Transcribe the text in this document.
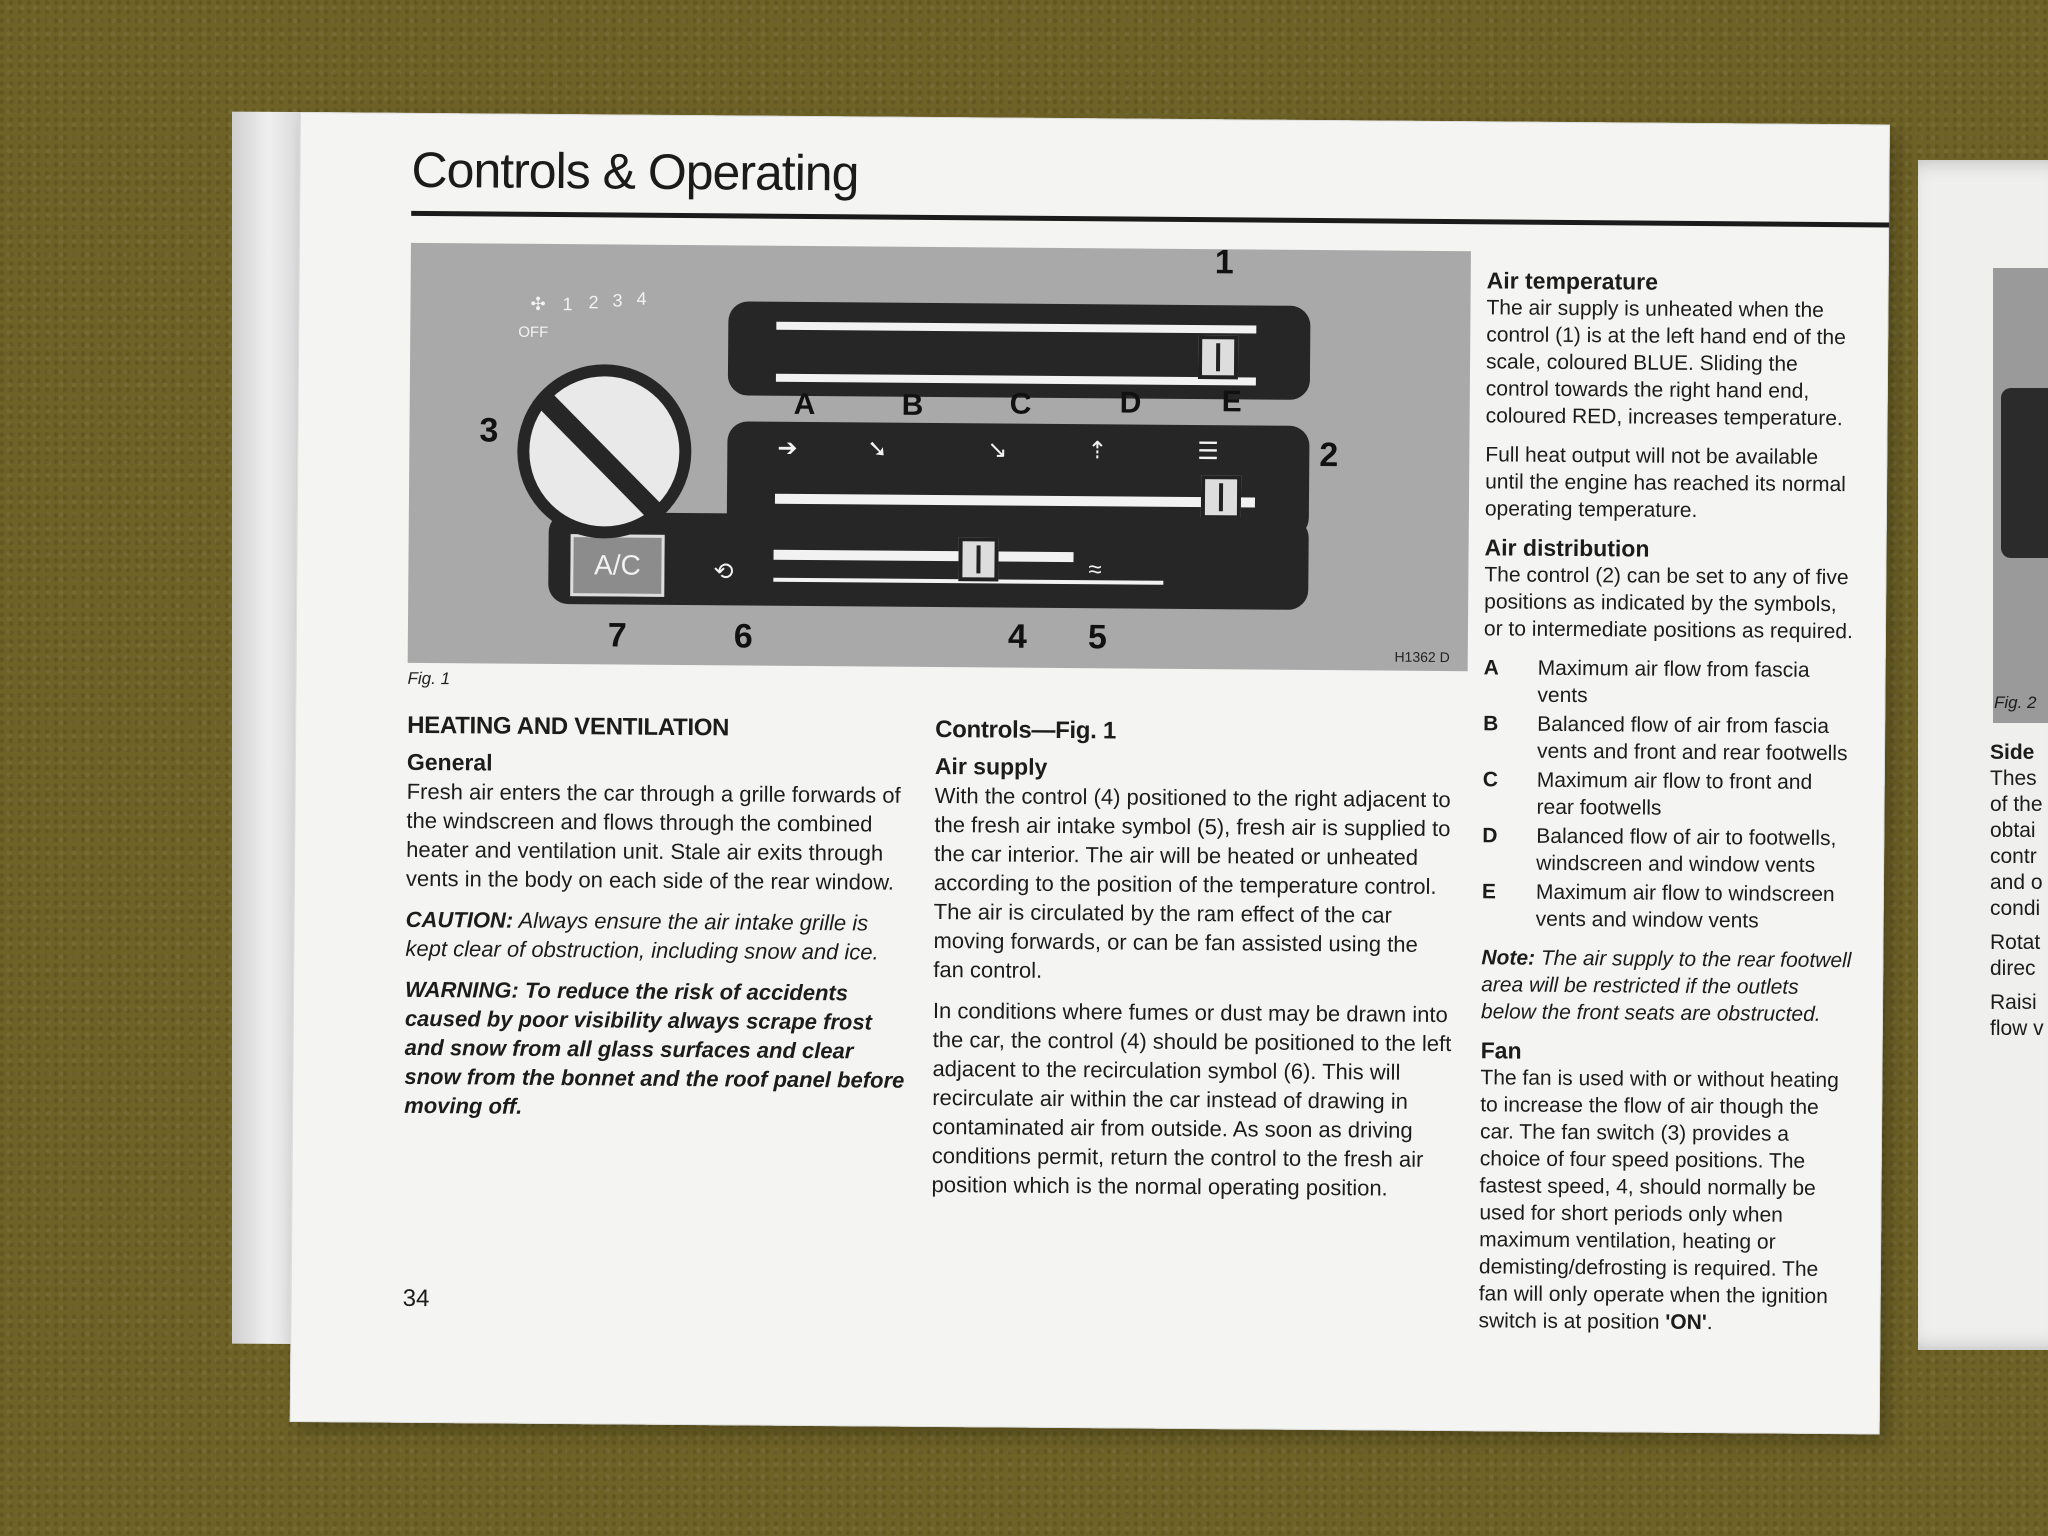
Fig. 2
Side
Thes
of the
obtai
contr
and o
condi
Rotat
direc
Raisi
flow v
Controls & Operating
➔	➘	↘	⇡	☰
⟲	≈
A/C
OFF
✣ 1 2 3 4
A	B	C	D	E
1
2
3
4 5
6
7
H1362 D
Fig. 1
HEATING AND VENTILATION
General

Fresh air enters the car through a grille forwards of the windscreen and flows through the combined heater and ventilation unit. Stale air exits through vents in the body on each side of the rear window.

CAUTION: Always ensure the air intake grille is kept clear of obstruction, including snow and ice.

WARNING: To reduce the risk of accidents caused by poor visibility always scrape frost and snow from all glass surfaces and clear snow from the bonnet and the roof panel before moving off.

Controls—Fig. 1
Air supply

With the control (4) positioned to the right adjacent to the fresh air intake symbol (5), fresh air is supplied to the car interior. The air will be heated or unheated according to the position of the temperature control. The air is circulated by the ram effect of the car moving forwards, or can be fan assisted using the fan control.

In conditions where fumes or dust may be drawn into the car, the control (4) should be positioned to the left adjacent to the recirculation symbol (6). This will recirculate air within the car instead of drawing in contaminated air from outside. As soon as driving conditions permit, return the control to the fresh air position which is the normal operating position.

Air temperature

The air supply is unheated when the control (1) is at the left hand end of the scale, coloured BLUE. Sliding the control towards the right hand end, coloured RED, increases temperature.

Full heat output will not be available until the engine has reached its normal operating temperature.

Air distribution

The control (2) can be set to any of five positions as indicated by the symbols, or to intermediate positions as required.

A	Maximum air flow from fascia vents
B	Balanced flow of air from fascia vents and front and rear footwells
C	Maximum air flow to front and rear footwells
D	Balanced flow of air to footwells, windscreen and window vents
E	Maximum air flow to windscreen vents and window vents

Note: The air supply to the rear footwell area will be restricted if the outlets below the front seats are obstructed.

Fan

The fan is used with or without heating to increase the flow of air though the car. The fan switch (3) provides a choice of four speed positions. The fastest speed, 4, should normally be used for short periods only when maximum ventilation, heating or demisting/defrosting is required. The fan will only operate when the ignition switch is at position 'ON'.

34
